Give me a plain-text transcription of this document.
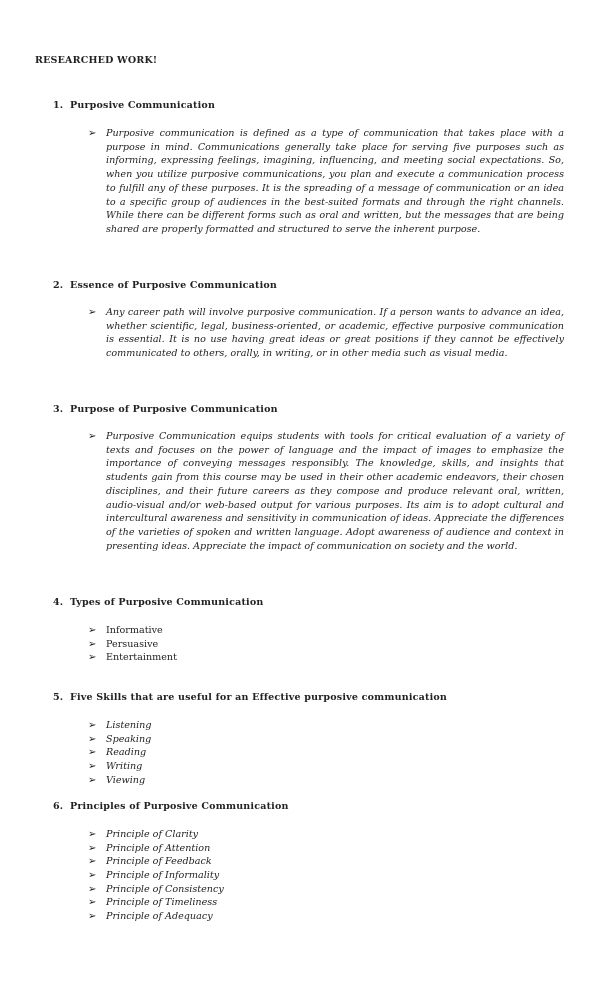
RESEARCHED WORK!
1. Purposive Communication
➢ Purposive communication is defined as a type of communication that takes place with a purpose in mind. Communications generally take place for serving five purposes such as informing, expressing feelings, imagining, influencing, and meeting social expectations. So, when you utilize purposive communications, you plan and execute a communication process to fulfill any of these purposes. It is the spreading of a message of communication or an idea to a specific group of audiences in the best-suited formats and through the right channels. While there can be different forms such as oral and written, but the messages that are being shared are properly formatted and structured to serve the inherent purpose.
2. Essence of Purposive Communication
➢ Any career path will involve purposive communication. If a person wants to advance an idea, whether scientific, legal, business-oriented, or academic, effective purposive communication is essential. It is no use having great ideas or great positions if they cannot be effectively communicated to others, orally, in writing, or in other media such as visual media.
3. Purpose of Purposive Communication
➢ Purposive Communication equips students with tools for critical evaluation of a variety of texts and focuses on the power of language and the impact of images to emphasize the importance of conveying messages responsibly. The knowledge, skills, and insights that students gain from this course may be used in their other academic endeavors, their chosen disciplines, and their future careers as they compose and produce relevant oral, written, audio-visual and/or web-based output for various purposes. Its aim is to adopt cultural and intercultural awareness and sensitivity in communication of ideas. Appreciate the differences of the varieties of spoken and written language. Adopt awareness of audience and context in presenting ideas. Appreciate the impact of communication on society and the world.
4. Types of Purposive Communication
➢ Informative
➢ Persuasive
➢ Entertainment
5. Five Skills that are useful for an Effective purposive communication
➢ Listening
➢ Speaking
➢ Reading
➢ Writing
➢ Viewing
6. Principles of Purposive Communication
➢ Principle of Clarity
➢ Principle of Attention
➢ Principle of Feedback
➢ Principle of Informality
➢ Principle of Consistency
➢ Principle of Timeliness
➢ Principle of Adequacy
